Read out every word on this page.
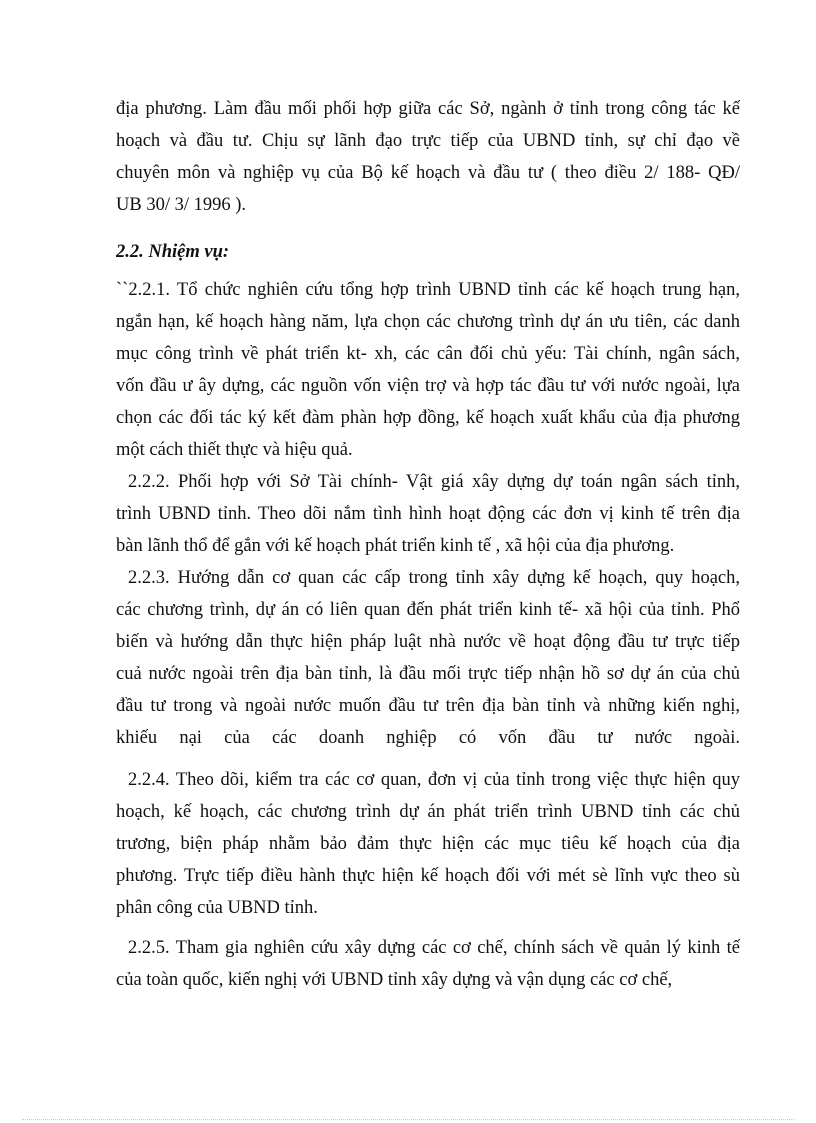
địa phương. Làm đầu mối phối hợp giữa các Sở, ngành ở tỉnh trong công tác kế
hoạch và đầu tư. Chịu sự lãnh đạo trực tiếp của UBND tỉnh, sự chỉ đạo về
chuyên môn và nghiệp vụ của Bộ kế hoạch và đầu tư ( theo điều 2/ 188- QĐ/
UB 30/ 3/ 1996 ).
2.2. Nhiệm vụ:
``2.2.1. Tổ chức nghiên cứu tổng hợp trình UBND tỉnh các kế hoạch trung hạn,
ngắn hạn, kế hoạch hàng năm, lựa chọn các chương trình dự án ưu tiên, các danh
mục công trình về phát triển kt- xh, các cân đối chủ yếu: Tài chính, ngân sách,
vốn đầu ư ây dựng, các nguồn vốn viện trợ và hợp tác đầu tư với nước ngoài, lựa
chọn các đối tác ký kết đàm phàn hợp đồng, kế hoạch xuất khẩu của địa phương
một cách thiết thực và hiệu quả.
2.2.2. Phối hợp với Sở Tài chính- Vật giá xây dựng dự toán ngân sách tỉnh,
trình UBND tỉnh. Theo dõi nắm tình hình hoạt động các đơn vị kinh tế trên địa
bàn lãnh thổ để gắn với kế hoạch phát triển kinh tế , xã hội của địa phương.
2.2.3. Hướng dẫn cơ quan các cấp trong tỉnh xây dựng kế hoạch, quy hoạch,
các chương trình, dự án có liên quan đến phát triển kinh tế- xã hội của tỉnh. Phổ
biến và hướng dẫn thực hiện pháp luật nhà nước về hoạt động đầu tư trực tiếp
cuả nước ngoài trên địa bàn tỉnh, là đầu mối trực tiếp nhận hồ sơ dự án của chủ
đầu tư trong và ngoài nước muốn đầu tư trên địa bàn tỉnh và những kiến nghị,
khiếu nại của các doanh nghiệp có vốn đầu tư nước ngoài.
2.2.4. Theo dõi, kiểm tra các cơ quan, đơn vị của tỉnh trong việc thực hiện quy
hoạch, kế hoạch, các chương trình dự án phát triển trình UBND tỉnh các chủ
trương, biện pháp nhằm bảo đảm thực hiện các mục tiêu kế hoạch của địa
phương. Trực tiếp điều hành thực hiện kế hoạch đối với mét sè lĩnh vực theo sù
phân công của UBND tỉnh.
2.2.5. Tham gia nghiên cứu xây dựng các cơ chế, chính sách về quản lý kinh tế
của toàn quốc, kiến nghị với UBND tỉnh xây dựng và vận dụng các cơ chế,
